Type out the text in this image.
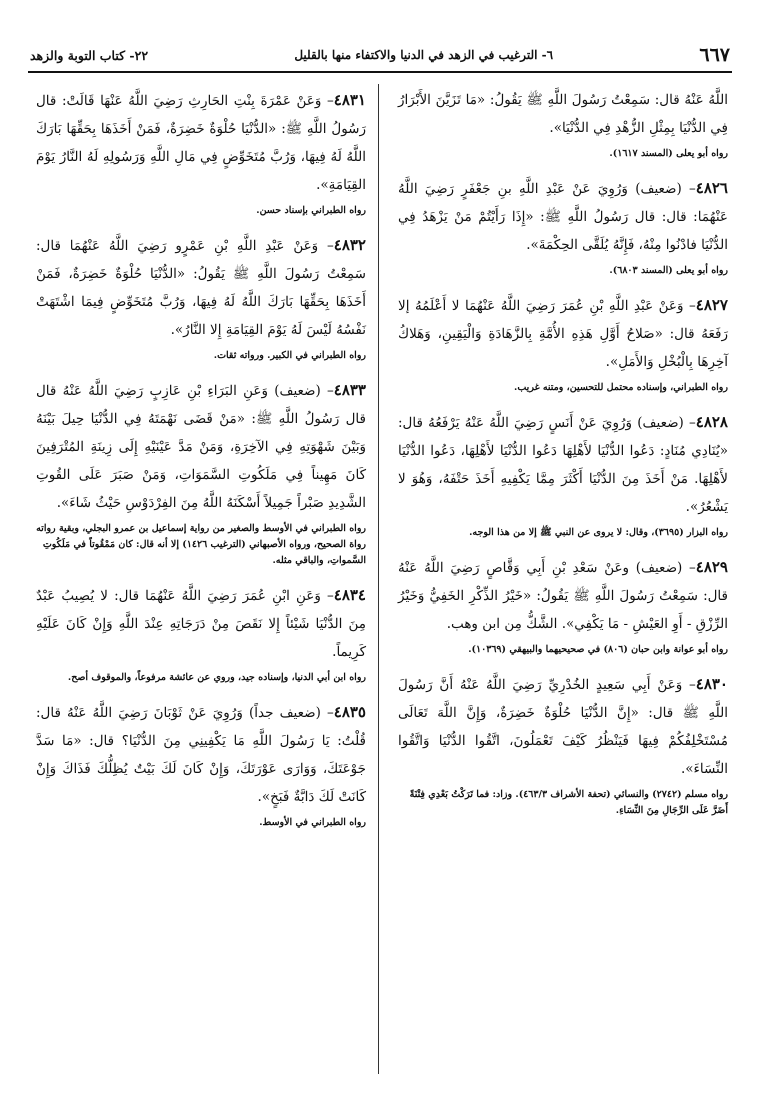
٦٦٧
٦- الترغيب في الزهد في الدنيا والاكتفاء منها بالقليل
٢٢- كتاب التوبة والزهد

اللَّهُ عَنْهُ قال: سَمِعْتُ رَسُولَ اللَّهِ ﷺ يَقُولُ: «مَا تَزَيَّنَ الأَبْرَارُ فِي الدُّنْيَا بِمِثْلِ الزُّهْدِ فِي الدُّنْيَا».

رواه أبو يعلى (المسند ١٦١٧).

٤٨٢٦– (ضعيف) وَرُوِيَ عَنْ عَبْدِ اللَّهِ بنِ جَعْفَرٍ رَضِيَ اللَّهُ عَنْهُمَا: قال: قال رَسُولُ اللَّهِ ﷺ: «إِذَا رَأَيْتُمْ مَنْ يَزْهَدُ فِي الدُّنْيَا فادْنُوا مِنْهُ، فَإِنَّهُ يُلَقَّى الحِكْمَةَ».

رواه أبو يعلى (المسند ٦٨٠٣).

٤٨٢٧– وَعَنْ عَبْدِ اللَّهِ بْنِ عُمَرَ رَضِيَ اللَّهُ عَنْهُمَا لا أَعْلَمُهُ إلا رَفَعَهُ قال: «صَلاحُ أَوَّلِ هَذِهِ الأُمَّةِ بِالزَّهَادَةِ وَالْيَقِينِ، وَهَلاكُ آخِرِهَا بِالْبُخْلِ وَالأَمَلِ».

رواه الطبراني، وإسناده محتمل للتحسين، ومتنه غريب.

٤٨٢٨– (ضعيف) وَرُوِيَ عَنْ أَنَسٍ رَضِيَ اللَّهُ عَنْهُ يَرْفَعُهُ قال: «يُنَادِي مُنَادٍ: دَعُوا الدُّنْيَا لأَهْلِهَا دَعُوا الدُّنْيَا لأَهْلِهَا، دَعُوا الدُّنْيَا لأَهْلِهَا. مَنْ أَخَذَ مِنَ الدُّنْيَا أَكْثَرَ مِمَّا يَكْفِيهِ أَخَذَ حَتْفَهُ، وَهُوَ لا يَشْعُرُ».

رواه البزار (٣٦٩٥)، وقال: لا يروى عن النبي ﷺ إلا من هذا الوجه.

٤٨٢٩– (ضعيف) وعَنْ سَعْدِ بْنِ أَبِي وَقَّاصٍ رَضِيَ اللَّهُ عَنْهُ قال: سَمِعْتُ رَسُولَ اللَّهِ ﷺ يَقُولُ: «خَيْرُ الذِّكْرِ الخَفِيُّ وَخَيْرُ الرِّزْقِ - أَوِ العَيْشِ - مَا يَكْفِي». الشَّكُّ مِن ابن وهب.

رواه أبو عوانة وابن حبان (٨٠٦) في صحيحيهما والبيهقي (١٠٣٦٩).

٤٨٣٠– وَعَنْ أَبِي سَعِيدٍ الخُدْرِيِّ رَضِيَ اللَّهُ عَنْهُ أَنَّ رَسُولَ اللَّهِ ﷺ قال: «إِنَّ الدُّنْيَا حُلْوَةٌ خَضِرَةٌ، وَإِنَّ اللَّهَ تَعَالَى مُسْتَخْلِفُكُمْ فِيهَا فَيَنْظُرُ كَيْفَ تَعْمَلُونَ، اتَّقُوا الدُّنْيَا وَاتَّقُوا النِّسَاءَ».

رواه مسلم (٢٧٤٢) والنسائي (تحفة الأشراف ٤٦٣/٣). وزاد: فما تَرَكْتُ بَعْدِي فِتْنَةً أَضَرَّ عَلَى الرِّجَالِ مِنَ النِّسَاءِ.

٤٨٣١– وَعَنْ عَمْرَةَ بِنْتِ الحَارِثِ رَضِيَ اللَّهُ عَنْهَا قَالَتْ: قال رَسُولُ اللَّهِ ﷺ: «الدُّنْيَا حُلْوَةٌ خَضِرَةٌ، فَمَنْ أَخَذَهَا بِحَقِّهَا بَارَكَ اللَّهُ لَهُ فِيهَا، وَرُبَّ مُتَخَوِّضٍ فِي مَالِ اللَّهِ وَرَسُولِهِ لَهُ النَّارُ يَوْمَ القِيَامَةِ».

رواه الطبراني بإسناد حسن.

٤٨٣٢– وَعَنْ عَبْدِ اللَّهِ بْنِ عَمْرٍو رَضِيَ اللَّهُ عَنْهُمَا قال: سَمِعْتُ رَسُولَ اللَّهِ ﷺ يَقُولُ: «الدُّنْيَا حُلْوَةٌ خَضِرَةٌ، فَمَنْ أَخَذَهَا بِحَقِّهَا بَارَكَ اللَّهُ لَهُ فِيهَا، وَرُبَّ مُتَخَوِّضٍ فِيمَا اشْتَهَتْ نَفْسُهُ لَيْسَ لَهُ يَوْمَ القِيَامَةِ إِلا النَّارُ».

رواه الطبراني في الكبير. ورواته ثقات.

٤٨٣٣– (ضعيف) وَعَنِ البَرَاءِ بْنِ عَازِبٍ رَضِيَ اللَّهُ عَنْهُ قال قال رَسُولُ اللَّهِ ﷺ: «مَنْ قَضَى نَهْمَتَهُ فِي الدُّنْيَا حِيلَ بَيْنَهُ وَبَيْنَ شَهْوَتِهِ فِي الآخِرَةِ، وَمَنْ مَدَّ عَيْنَيْهِ إِلَى زِينَةِ المُتْرَفِينَ كَانَ مَهِيناً فِي مَلَكُوتِ السَّمَوَاتِ، وَمَنْ صَبَرَ عَلَى القُوتِ الشَّدِيدِ صَبْراً جَمِيلاً أَسْكَنَهُ اللَّهُ مِنَ الفِرْدَوْسِ حَيْثُ شَاءَ».

رواه الطبراني في الأوسط والصغير من رواية إسماعيل بن عمرو البجلي، وبقية رواته رواة الصحيح، ورواه الأصبهاني (الترغيب ١٤٢٦) إلا أنه قال: كان مَمْقُوتاً في مَلَكُوتِ السَّمواتِ، والباقي مثله.

٤٨٣٤– وَعَنِ ابْنِ عُمَرَ رَضِيَ اللَّهُ عَنْهُمَا قال: لا يُصِيبُ عَبْدٌ مِنَ الدُّنْيَا شَيْئاً إِلا نَقَصَ مِنْ دَرَجَاتِهِ عِنْدَ اللَّهِ وَإِنْ كَانَ عَلَيْهِ كَرِيماً.

رواه ابن أبي الدنيا، وإسناده جيد، وروي عن عائشة مرفوعاً، والموقوف أصح.

٤٨٣٥– (ضعيف جداً) وَرُوِيَ عَنْ ثَوْبَانَ رَضِيَ اللَّهُ عَنْهُ قال: قُلْتُ: يَا رَسُولَ اللَّهِ مَا يَكْفِينِي مِنَ الدُّنْيَا؟ قال: «مَا سَدَّ جَوْعَتَكَ، وَوَارَى عَوْرَتَكَ، وَإِنْ كَانَ لَكَ بَيْتٌ يُظِلُّكَ فَذَاكَ وَإِنْ كَانَتْ لَكَ دَابَّةٌ فَبَخٍ».

رواه الطبراني في الأوسط.
